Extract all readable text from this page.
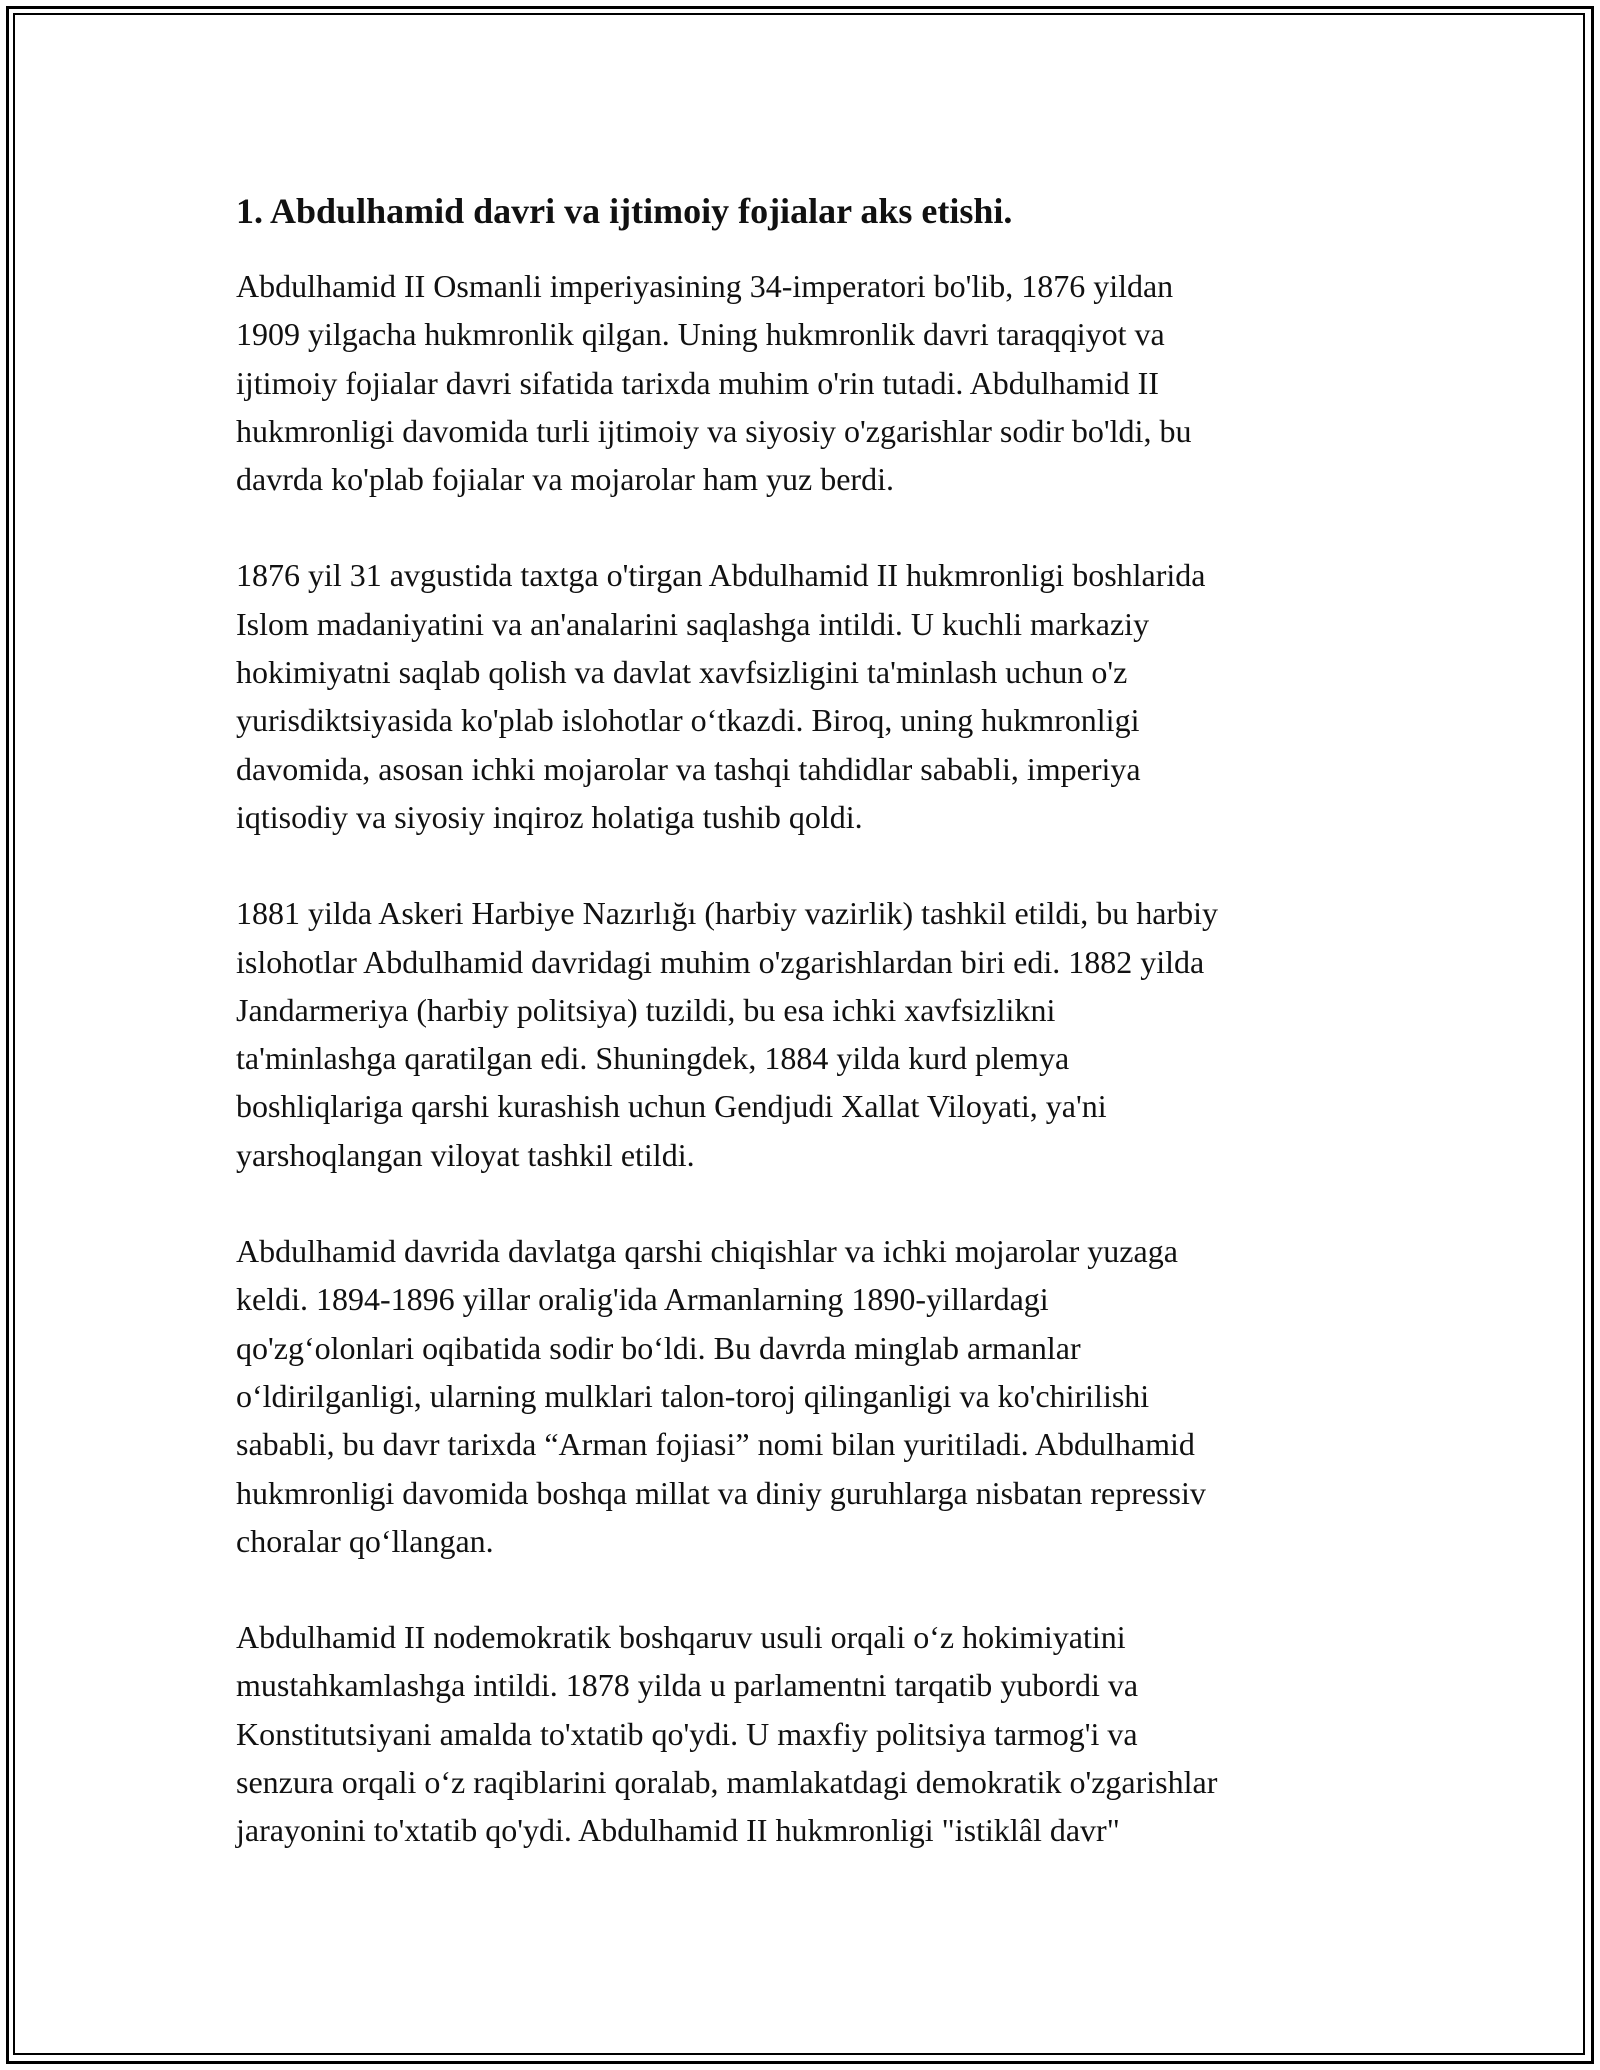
1. Abdulhamid davri va ijtimoiy fojialar aks etishi.

Abdulhamid II Osmanli imperiyasining 34-imperatori bo'lib, 1876 yildan
1909 yilgacha hukmronlik qilgan. Uning hukmronlik davri taraqqiyot va
ijtimoiy fojialar davri sifatida tarixda muhim o'rin tutadi. Abdulhamid II
hukmronligi davomida turli ijtimoiy va siyosiy o'zgarishlar sodir bo'ldi, bu
davrda ko'plab fojialar va mojarolar ham yuz berdi.

1876 yil 31 avgustida taxtga o'tirgan Abdulhamid II hukmronligi boshlarida
Islom madaniyatini va an'analarini saqlashga intildi. U kuchli markaziy
hokimiyatni saqlab qolish va davlat xavfsizligini ta'minlash uchun o'z
yurisdiktsiyasida ko'plab islohotlar o‘tkazdi. Biroq, uning hukmronligi
davomida, asosan ichki mojarolar va tashqi tahdidlar sababli, imperiya
iqtisodiy va siyosiy inqiroz holatiga tushib qoldi.

1881 yilda Askeri Harbiye Nazırlığı (harbiy vazirlik) tashkil etildi, bu harbiy
islohotlar Abdulhamid davridagi muhim o'zgarishlardan biri edi. 1882 yilda
Jandarmeriya (harbiy politsiya) tuzildi, bu esa ichki xavfsizlikni
ta'minlashga qaratilgan edi. Shuningdek, 1884 yilda kurd plemya
boshliqlariga qarshi kurashish uchun Gendjudi Xallat Viloyati, ya'ni
yarshoqlangan viloyat tashkil etildi.

Abdulhamid davrida davlatga qarshi chiqishlar va ichki mojarolar yuzaga
keldi. 1894-1896 yillar oralig'ida Armanlarning 1890-yillardagi
qo'zg‘olonlari oqibatida sodir bo‘ldi. Bu davrda minglab armanlar
o‘ldirilganligi, ularning mulklari talon-toroj qilinganligi va ko'chirilishi
sababli, bu davr tarixda “Arman fojiasi” nomi bilan yuritiladi. Abdulhamid
hukmronligi davomida boshqa millat va diniy guruhlarga nisbatan repressiv
choralar qo‘llangan.

Abdulhamid II nodemokratik boshqaruv usuli orqali o‘z hokimiyatini
mustahkamlashga intildi. 1878 yilda u parlamentni tarqatib yubordi va
Konstitutsiyani amalda to'xtatib qo'ydi. U maxfiy politsiya tarmog'i va
senzura orqali o‘z raqiblarini qoralab, mamlakatdagi demokratik o'zgarishlar
jarayonini to'xtatib qo'ydi. Abdulhamid II hukmronligi "istiklâl davr"
